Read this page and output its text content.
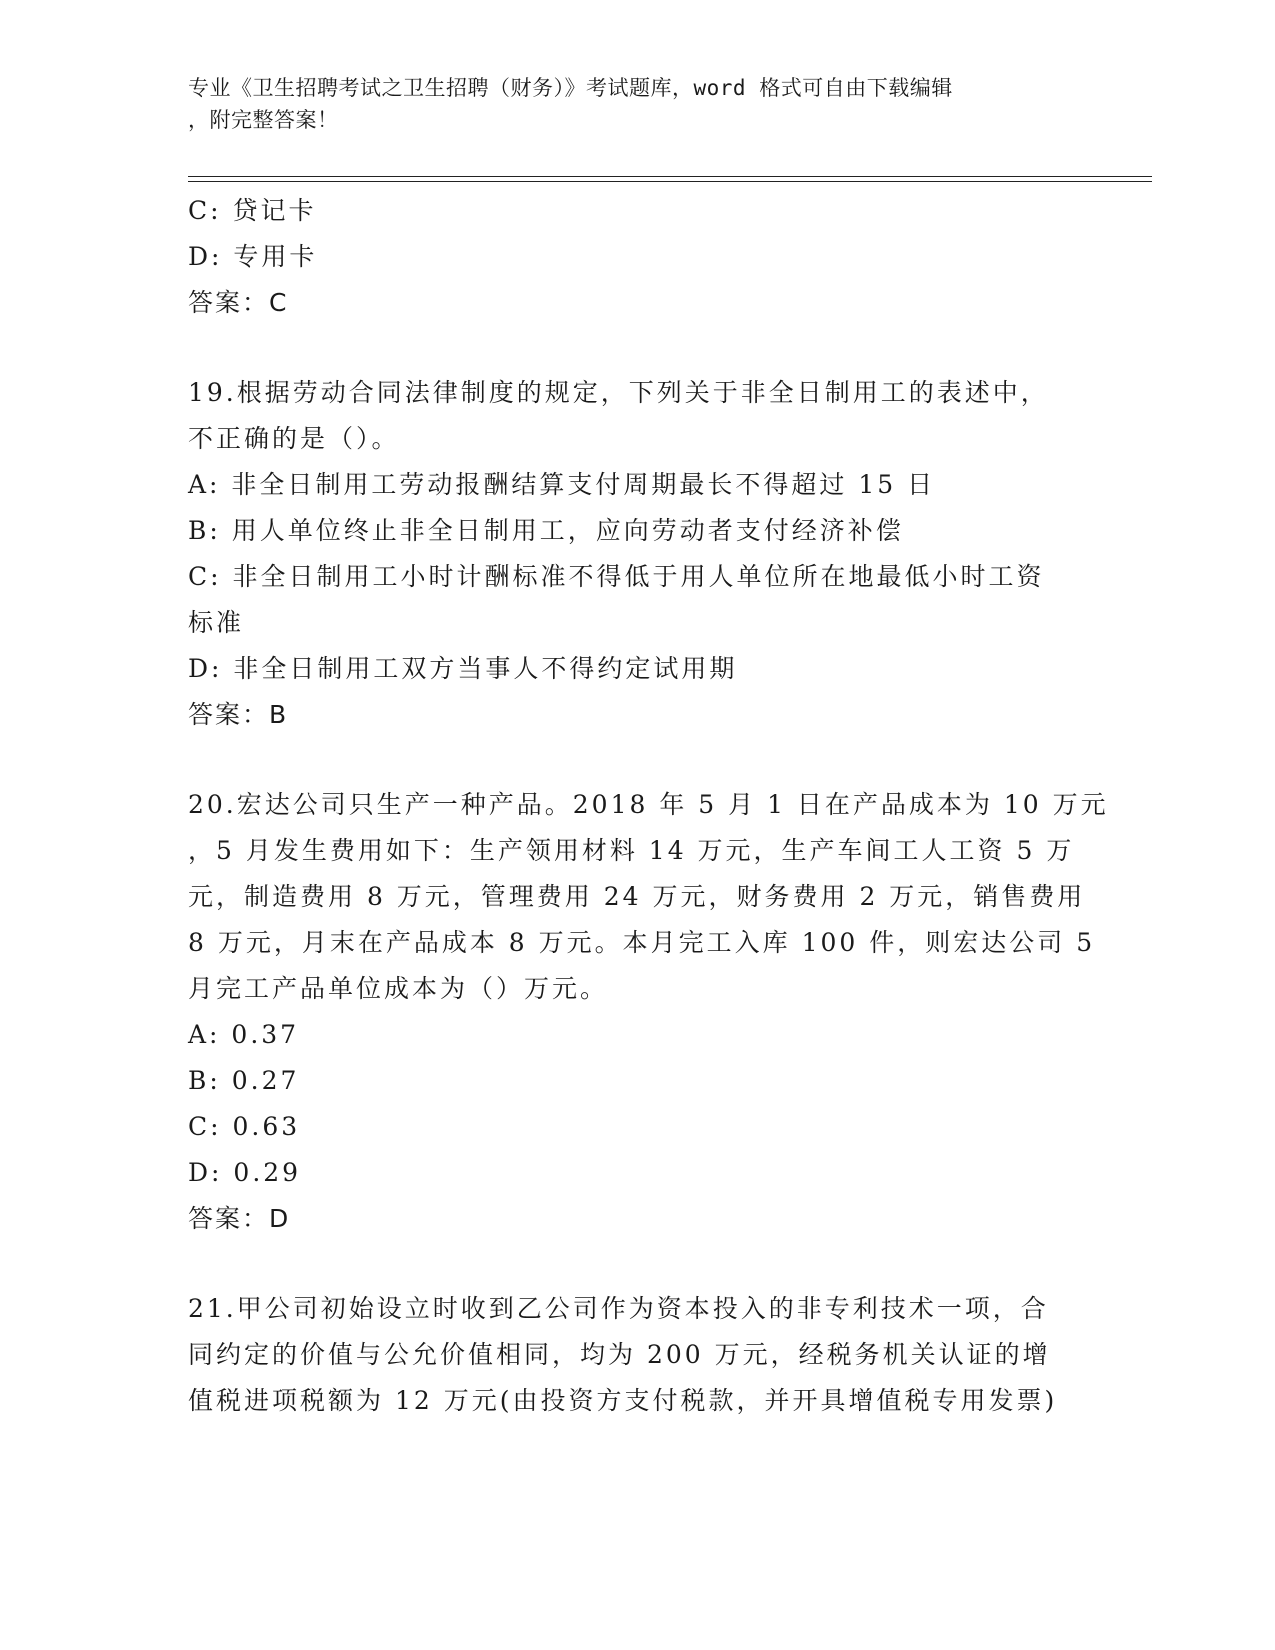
专业《卫生招聘考试之卫生招聘（财务）》考试题库，word 格式可自由下载编辑
，附完整答案！
C: 贷记卡
D: 专用卡
答案：C
19.根据劳动合同法律制度的规定，下列关于非全日制用工的表述中，
不正确的是（）。
A: 非全日制用工劳动报酬结算支付周期最长不得超过 15 日
B: 用人单位终止非全日制用工，应向劳动者支付经济补偿
C: 非全日制用工小时计酬标准不得低于用人单位所在地最低小时工资
标准
D: 非全日制用工双方当事人不得约定试用期
答案：B
20.宏达公司只生产一种产品。2018 年 5 月 1 日在产品成本为 10 万元
，5 月发生费用如下：生产领用材料 14 万元，生产车间工人工资 5 万
元，制造费用 8 万元，管理费用 24 万元，财务费用 2 万元，销售费用
8 万元，月末在产品成本 8 万元。本月完工入库 100 件，则宏达公司 5
月完工产品单位成本为（）万元。
A: 0.37
B: 0.27
C: 0.63
D: 0.29
答案：D
21.甲公司初始设立时收到乙公司作为资本投入的非专利技术一项，合
同约定的价值与公允价值相同，均为 200 万元，经税务机关认证的增
值税进项税额为 12 万元(由投资方支付税款，并开具增值税专用发票)
